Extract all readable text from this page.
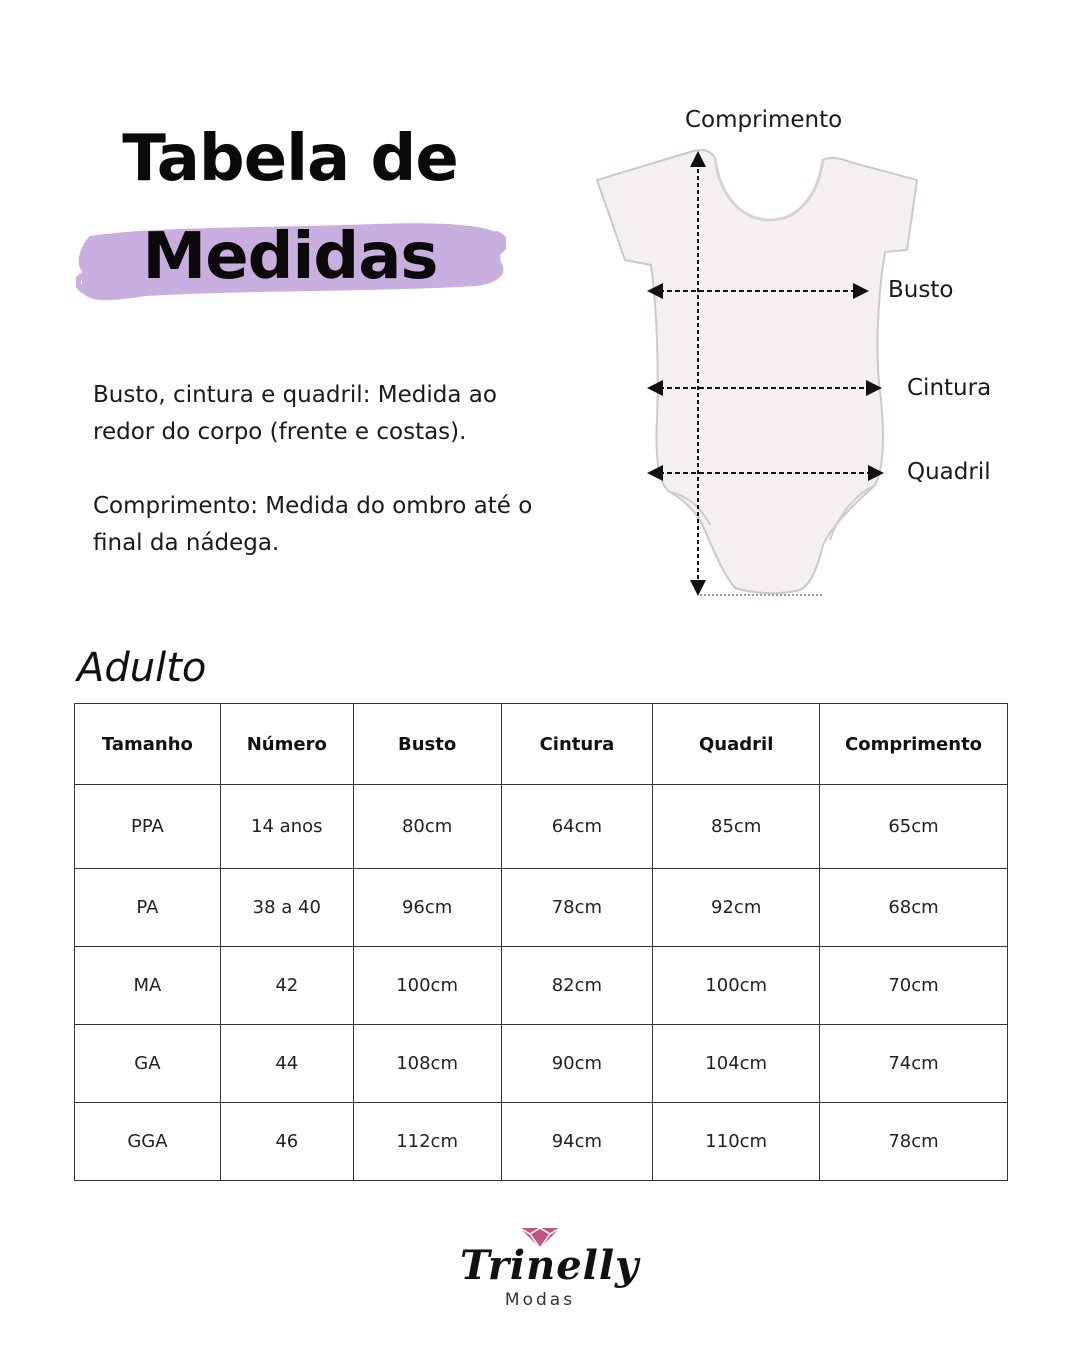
Tabela de
Medidas
Busto, cintura e quadril: Medida ao redor do corpo (frente e costas).
Comprimento: Medida do ombro até o final da nádega.
Comprimento
Busto
Cintura
Quadril
Adulto
Tamanho	Número	Busto	Cintura	Quadril	Comprimento
PPA	14 anos	80cm	64cm	85cm	65cm
PA	38 a 40	96cm	78cm	92cm	68cm
MA	42	100cm	82cm	100cm	70cm
GA	44	108cm	90cm	104cm	74cm
GGA	46	112cm	94cm	110cm	78cm
Trinelly
Modas
